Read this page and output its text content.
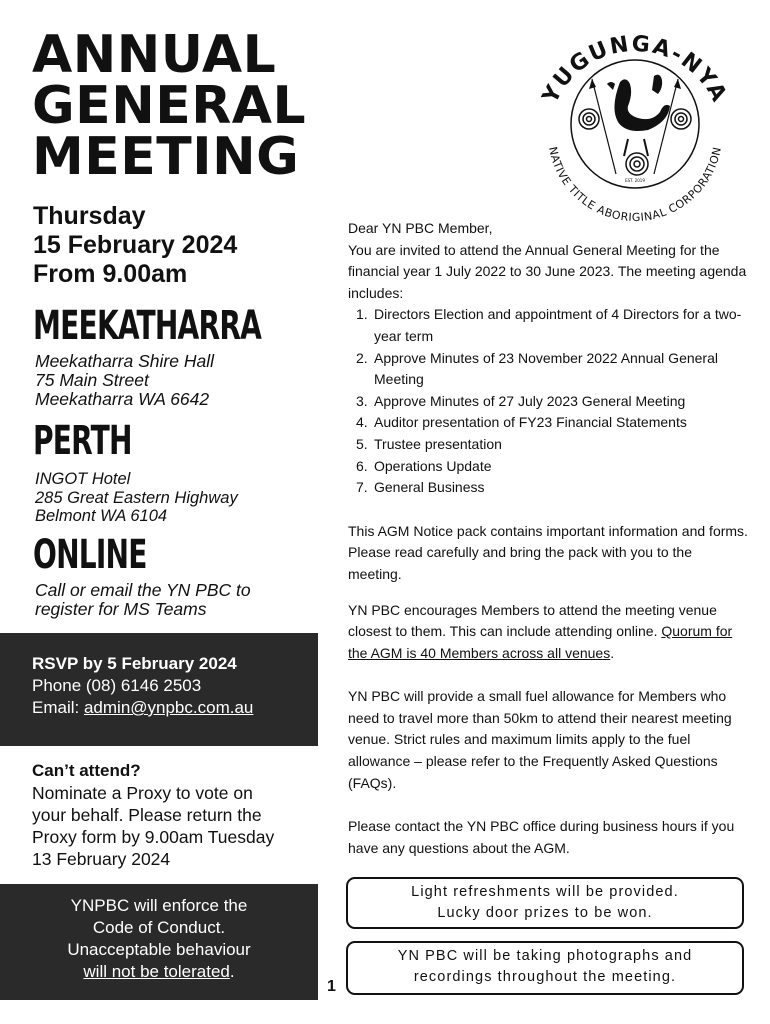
ANNUAL
GENERAL
MEETING
Thursday
15 February 2024
From 9.00am
MEEKATHARRA
Meekatharra Shire Hall
75 Main Street
Meekatharra WA 6642
PERTH
INGOT Hotel
285 Great Eastern Highway
Belmont WA 6104
ONLINE
Call or email the YN PBC to
register for MS Teams
RSVP by 5 February 2024
Phone (08) 6146 2503
Email: admin@ynpbc.com.au
Can’t attend?
Nominate a Proxy to vote on
your behalf. Please return the
Proxy form by 9.00am Tuesday
13 February 2024
YNPBC will enforce the
Code of Conduct.
Unacceptable behaviour
will not be tolerated.
1
YUGUNGA-NYA
NATIVE TITLE ABORIGINAL CORPORATION
EST. 2019

Dear YN PBC Member,

You are invited to attend the Annual General Meeting for the financial year 1 July 2022 to 30 June 2023. The meeting agenda includes:

1. Directors Election and appointment of 4 Directors for a two-year term
2. Approve Minutes of 23 November 2022 Annual General Meeting
3. Approve Minutes of 27 July 2023 General Meeting
4. Auditor presentation of FY23 Financial Statements
5. Trustee presentation
6. Operations Update
7. General Business

This AGM Notice pack contains important information and forms. Please read carefully and bring the pack with you to the meeting.

YN PBC encourages Members to attend the meeting venue closest to them. This can include attending online. Quorum for the AGM is 40 Members across all venues.

YN PBC will provide a small fuel allowance for Members who need to travel more than 50km to attend their nearest meeting venue. Strict rules and maximum limits apply to the fuel allowance – please refer to the Frequently Asked Questions (FAQs).

Please contact the YN PBC office during business hours if you have any questions about the AGM.

Light refreshments will be provided.
Lucky door prizes to be won.
YN PBC will be taking photographs and
recordings throughout the meeting.
